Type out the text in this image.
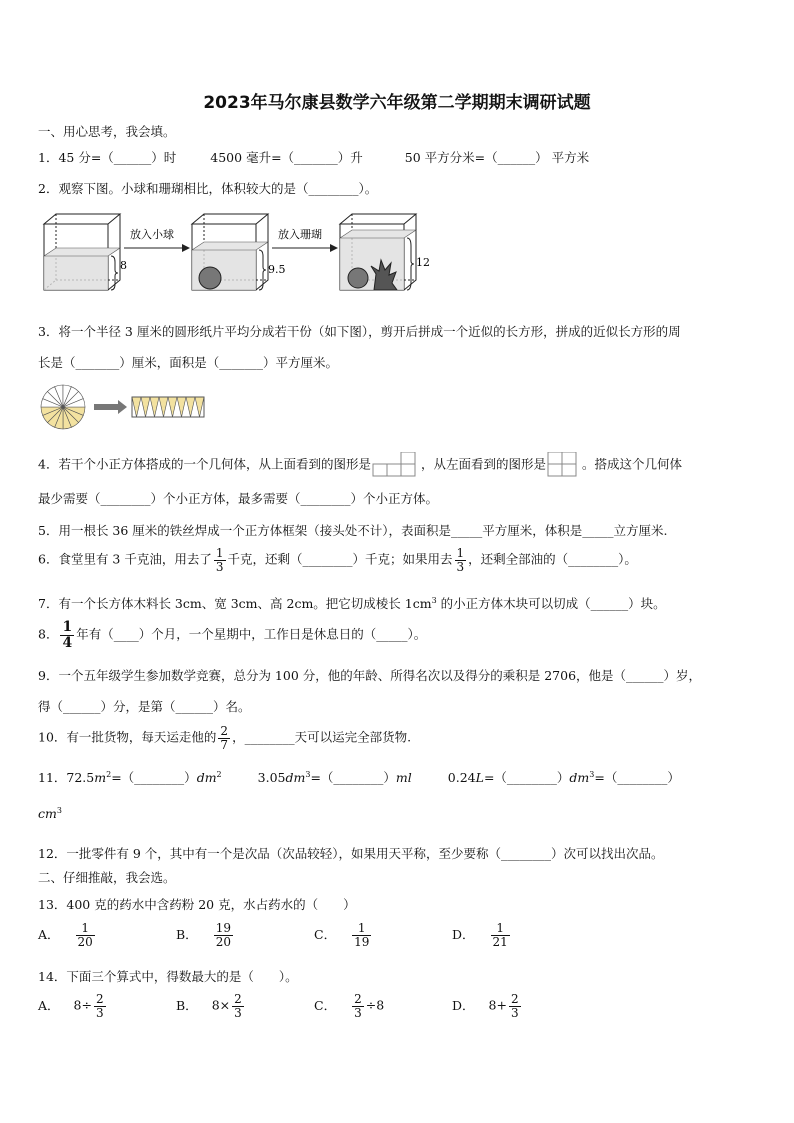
2023年马尔康县数学六年级第二学期期末调研试题
一、用心思考，我会填。
1．45 分=（______）时	4500 毫升=（_______）升	50 平方分米=（______） 平方米
2．观察下图。小球和珊瑚相比，体积较大的是（________）。
8	9.5
12
放入小球	放入珊瑚
3．将一个半径 3 厘米的圆形纸片平均分成若干份（如下图），剪开后拼成一个近似的长方形，拼成的近似长方形的周
长是（_______）厘米，面积是（_______）平方厘米。
4．若干个小正方体搭成的一个几何体，从上面看到的图形是	，从左面看到的图形是	。搭成这个几何体
最少需要（________）个小正方体，最多需要（________）个小正方体。
5．用一根长 36 厘米的铁丝焊成一个正方体框架（接头处不计），表面积是_____平方厘米，体积是_____立方厘米.
6．食堂里有 3 千克油，用去了 $\frac{1}{3}$ 千克，还剩（________）千克；如果用去 $\frac{1}{3}$ ，还剩全部油的（________）。
7．有一个长方体木料长 3cm、宽 3cm、高 2cm。把它切成棱长 $1cm^3$ 的小正方体木块可以切成（______）块。
8． $\frac{1}{4}$ 年有（____）个月，一个星期中，工作日是休息日的（_____）。
9．一个五年级学生参加数学竞赛，总分为 100 分，他的年龄、所得名次以及得分的乘积是 2706，他是（______）岁，
得（______）分，是第（______）名。
10．有一批货物，每天运走他的 $\frac{2}{7}$ ，________天可以运完全部货物.
11．$72.5m^2=(\_\_\_\_\_\_\_\_)dm^2$	$3.05dm^3=(\_\_\_\_\_\_\_\_)ml$	$0.24L=(\_\_\_\_\_\_\_\_)dm^3=(\_\_\_\_\_\_\_\_)$
$cm^3$
12．一批零件有 9 个，其中有一个是次品（次品较轻），如果用天平称，至少要称（________）次可以找出次品。
二、仔细推敲，我会选。
13．400 克的药水中含药粉 20 克，水占药水的（　　）
A． $\frac{1}{20}$	B． $\frac{19}{20}$	C． $\frac{1}{19}$	D． $\frac{1}{21}$
14．下面三个算式中，得数最大的是（　　）。
A． $8\div \frac{2}{3}$	B． $8\times \frac{2}{3}$	C． $\frac{2}{3} \div 8$	D． $8+ \frac{2}{3}$
